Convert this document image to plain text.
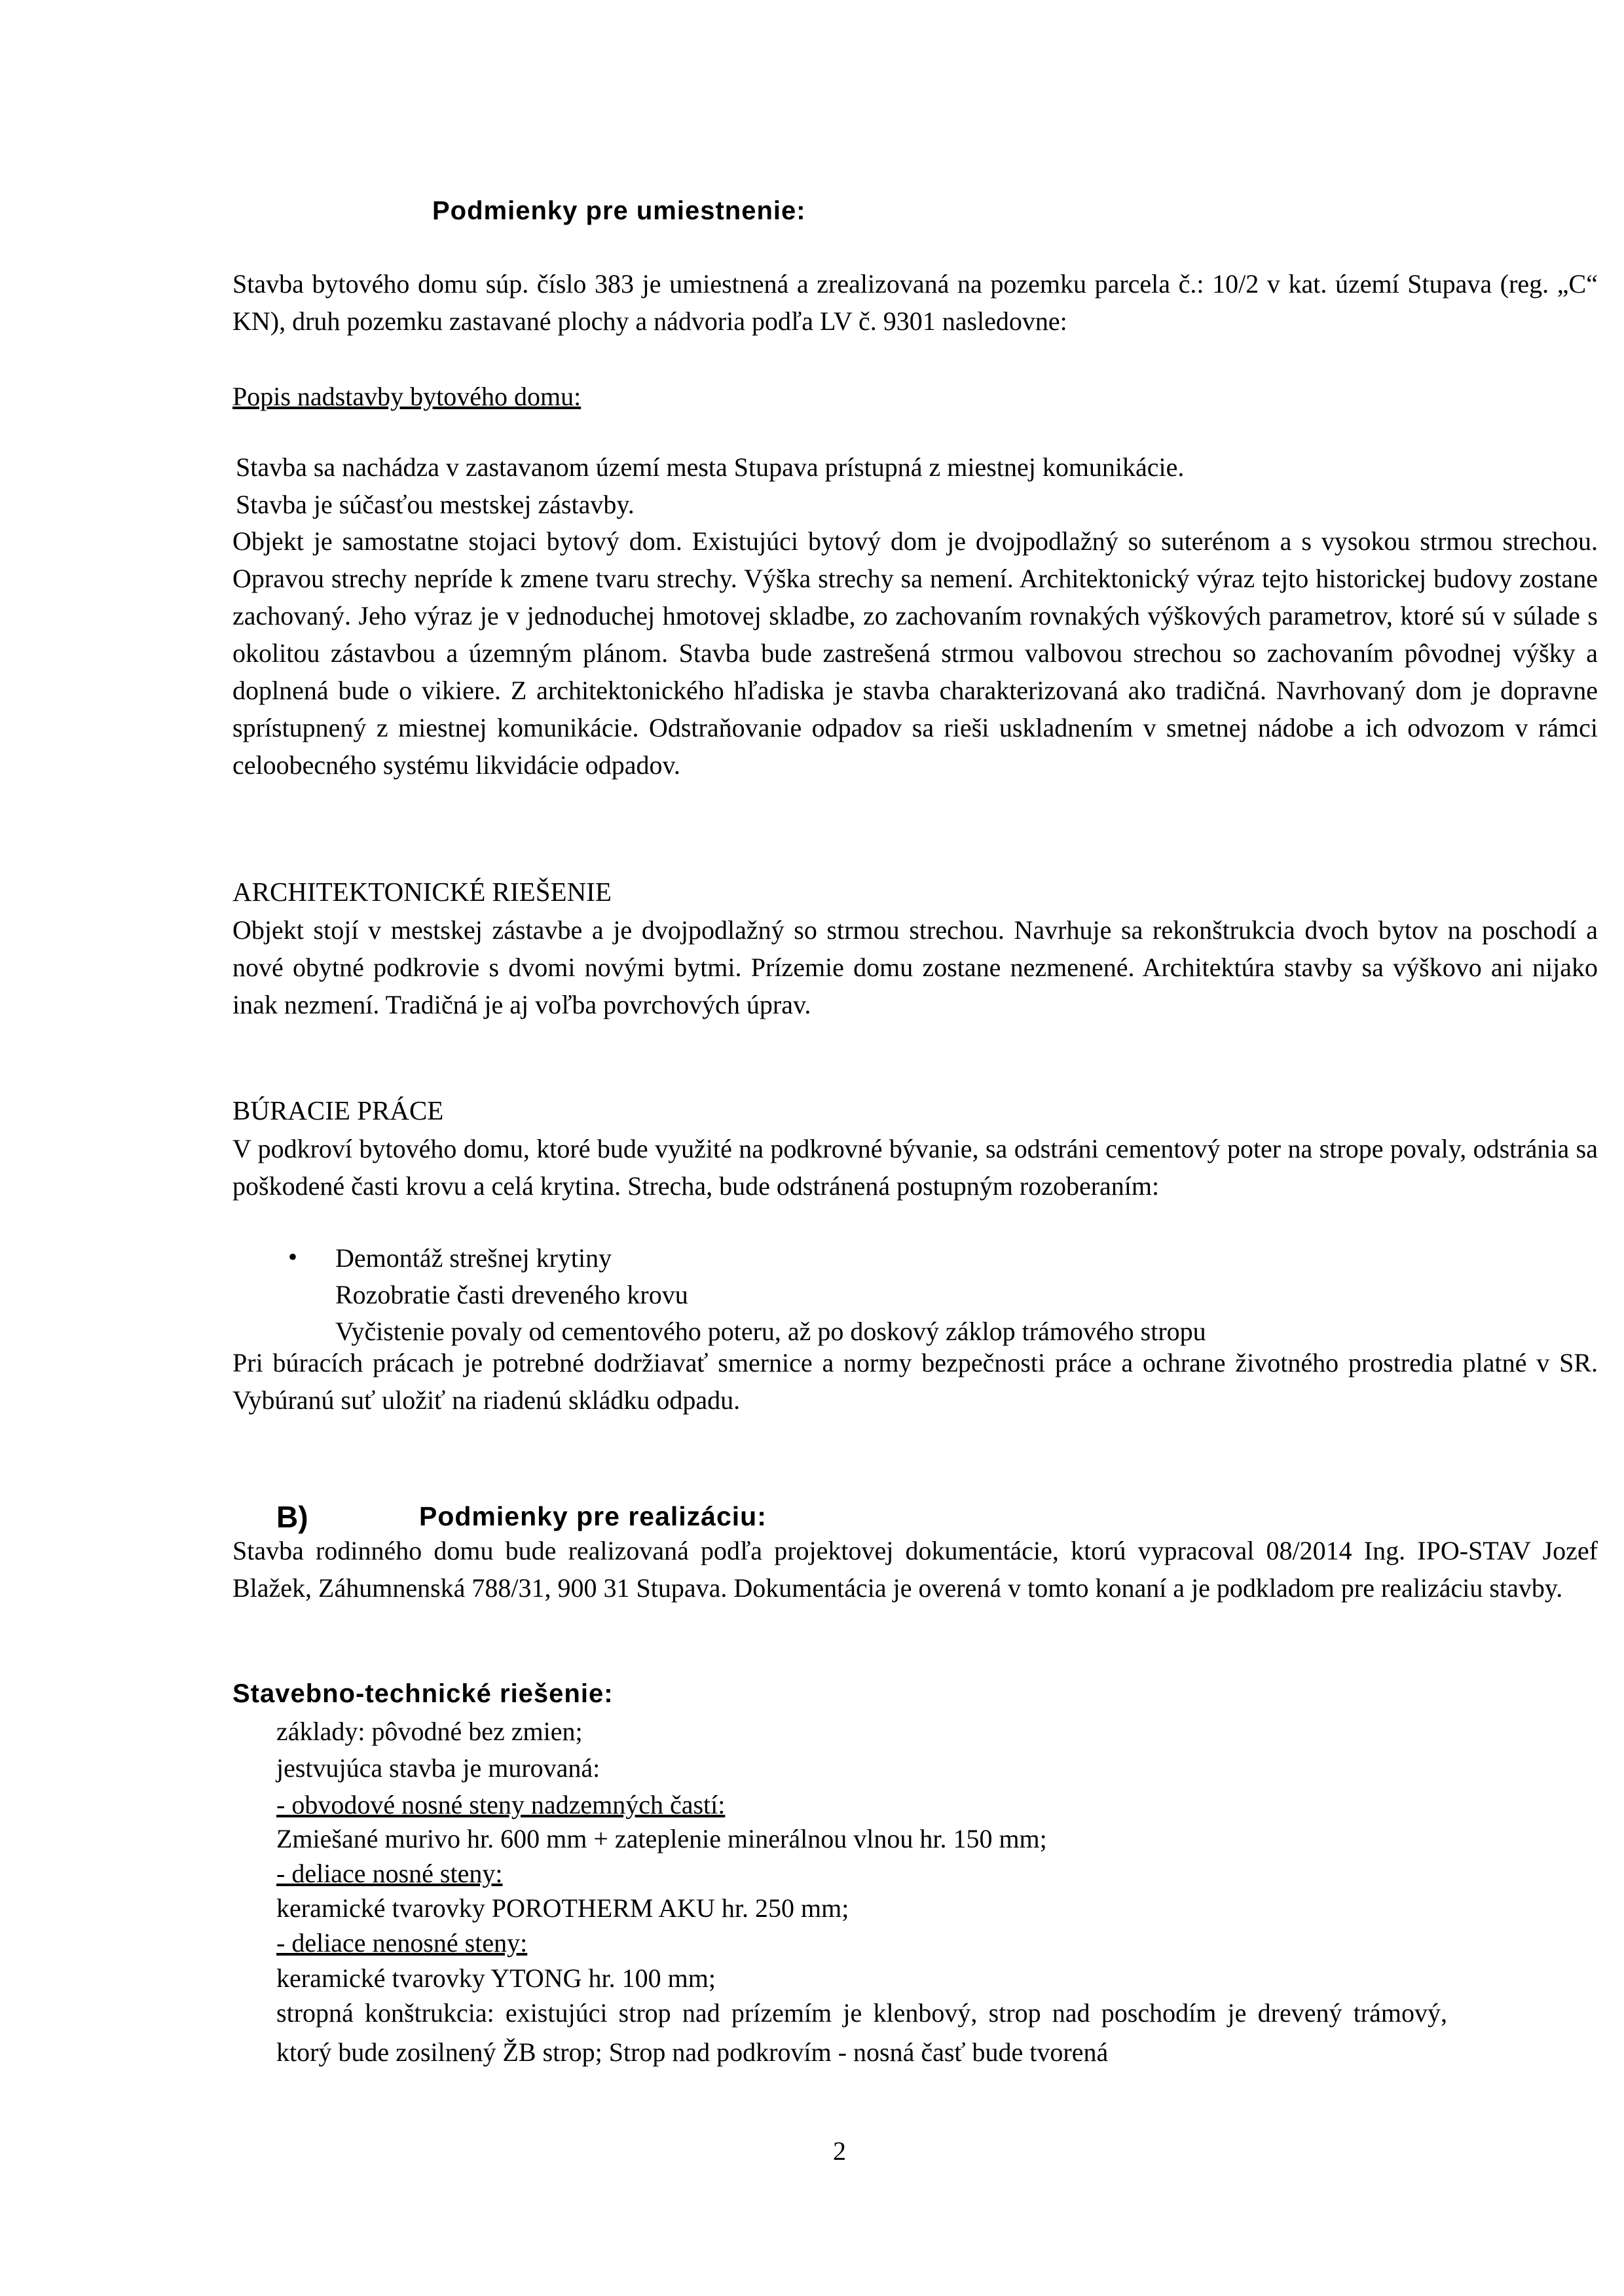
Podmienky pre umiestnenie:

Stavba bytového domu súp. číslo 383 je umiestnená a zrealizovaná na pozemku parcela č.: 10/2 v kat. území Stupava (reg. „C“ KN), druh pozemku zastavané plochy a nádvoria podľa LV č. 9301 nasledovne:

Popis nadstavby bytového domu:
Stavba sa nachádza v zastavanom území mesta Stupava prístupná z miestnej komunikácie.
Stavba je súčasťou mestskej zástavby.

Objekt je samostatne stojaci bytový dom. Existujúci bytový dom je dvojpodlažný so suterénom a s vysokou strmou strechou. Opravou strechy nepríde k zmene tvaru strechy. Výška strechy sa nemení. Architektonický výraz tejto historickej budovy zostane zachovaný. Jeho výraz je v jednoduchej hmotovej skladbe, zo zachovaním rovnakých výškových parametrov, ktoré sú v súlade s okolitou zástavbou a územným plánom. Stavba bude zastrešená strmou valbovou strechou so zachovaním pôvodnej výšky a doplnená bude o vikiere. Z architektonického hľadiska je stavba charakterizovaná ako tradičná. Navrhovaný dom je dopravne sprístupnený z miestnej komunikácie. Odstraňovanie odpadov sa rieši uskladnením v smetnej nádobe a ich odvozom v rámci celoobecného systému likvidácie odpadov.

ARCHITEKTONICKÉ RIEŠENIE

Objekt stojí v mestskej zástavbe a je dvojpodlažný so strmou strechou. Navrhuje sa rekonštrukcia dvoch bytov na poschodí a nové obytné podkrovie s dvomi novými bytmi. Prízemie domu zostane nezmenené. Architektúra stavby sa výškovo ani nijako inak nezmení. Tradičná je aj voľba povrchových úprav.

BÚRACIE PRÁCE

V podkroví bytového domu, ktoré bude využité na podkrovné bývanie, sa odstráni cementový poter na strope povaly, odstránia sa poškodené časti krovu a celá krytina. Strecha, bude odstránená postupným rozoberaním:

• Demontáž strešnej krytiny
Rozobratie časti dreveného krovu
Vyčistenie povaly od cementového poteru, až po doskový záklop trámového stropu

Pri búracích prácach je potrebné dodržiavať smernice a normy bezpečnosti práce a ochrane životného prostredia platné v SR. Vybúranú suť uložiť na riadenú skládku odpadu.

B)	Podmienky pre realizáciu:

Stavba rodinného domu bude realizovaná podľa projektovej dokumentácie, ktorú vypracoval 08/2014 Ing. IPO-STAV Jozef Blažek, Záhumnenská 788/31, 900 31 Stupava. Dokumentácia je overená v tomto konaní a je podkladom pre realizáciu stavby.

Stavebno-technické riešenie:
základy: pôvodné bez zmien;
jestvujúca stavba je murovaná:
- obvodové nosné steny nadzemných častí:
Zmiešané murivo hr. 600 mm + zateplenie minerálnou vlnou hr. 150 mm;
- deliace nosné steny:
keramické tvarovky POROTHERM AKU hr. 250 mm;
- deliace nenosné steny:
keramické tvarovky YTONG hr. 100 mm;

stropná konštrukcia: existujúci strop nad prízemím je klenbový, strop nad poschodím je drevený trámový, ktorý bude zosilnený ŽB strop; Strop nad podkrovím - nosná časť bude tvorená

2
